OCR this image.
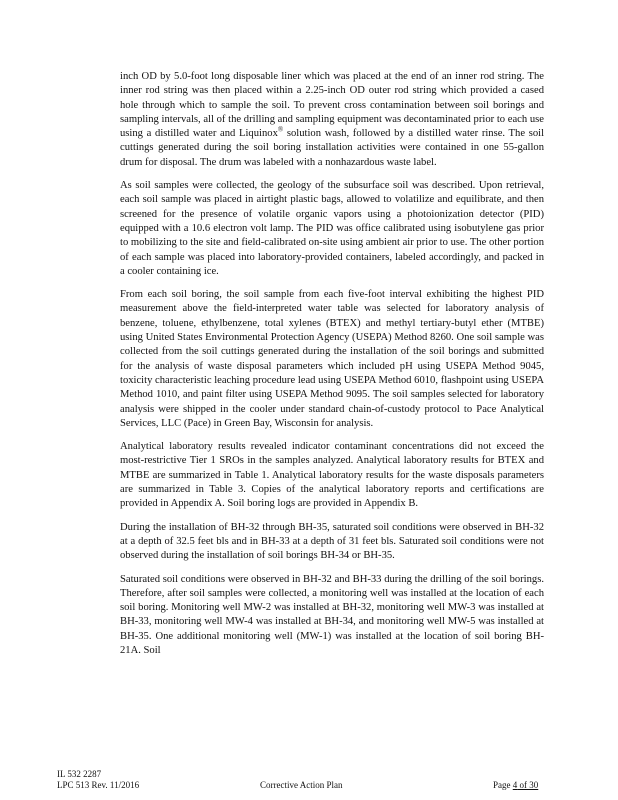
inch OD by 5.0-foot long disposable liner which was placed at the end of an inner rod string. The inner rod string was then placed within a 2.25-inch OD outer rod string which provided a cased hole through which to sample the soil. To prevent cross contamination between soil borings and sampling intervals, all of the drilling and sampling equipment was decontaminated prior to each use using a distilled water and Liquinox® solution wash, followed by a distilled water rinse. The soil cuttings generated during the soil boring installation activities were contained in one 55-gallon drum for disposal. The drum was labeled with a nonhazardous waste label.

As soil samples were collected, the geology of the subsurface soil was described. Upon retrieval, each soil sample was placed in airtight plastic bags, allowed to volatilize and equilibrate, and then screened for the presence of volatile organic vapors using a photoionization detector (PID) equipped with a 10.6 electron volt lamp. The PID was office calibrated using isobutylene gas prior to mobilizing to the site and field-calibrated on-site using ambient air prior to use. The other portion of each sample was placed into laboratory-provided containers, labeled accordingly, and packed in a cooler containing ice.

From each soil boring, the soil sample from each five-foot interval exhibiting the highest PID measurement above the field-interpreted water table was selected for laboratory analysis of benzene, toluene, ethylbenzene, total xylenes (BTEX) and methyl tertiary-butyl ether (MTBE) using United States Environmental Protection Agency (USEPA) Method 8260. One soil sample was collected from the soil cuttings generated during the installation of the soil borings and submitted for the analysis of waste disposal parameters which included pH using USEPA Method 9045, toxicity characteristic leaching procedure lead using USEPA Method 6010, flashpoint using USEPA Method 1010, and paint filter using USEPA Method 9095. The soil samples selected for laboratory analysis were shipped in the cooler under standard chain-of-custody protocol to Pace Analytical Services, LLC (Pace) in Green Bay, Wisconsin for analysis.

Analytical laboratory results revealed indicator contaminant concentrations did not exceed the most-restrictive Tier 1 SROs in the samples analyzed. Analytical laboratory results for BTEX and MTBE are summarized in Table 1. Analytical laboratory results for the waste disposals parameters are summarized in Table 3. Copies of the analytical laboratory reports and certifications are provided in Appendix A. Soil boring logs are provided in Appendix B.

During the installation of BH-32 through BH-35, saturated soil conditions were observed in BH-32 at a depth of 32.5 feet bls and in BH-33 at a depth of 31 feet bls. Saturated soil conditions were not observed during the installation of soil borings BH-34 or BH-35.

Saturated soil conditions were observed in BH-32 and BH-33 during the drilling of the soil borings. Therefore, after soil samples were collected, a monitoring well was installed at the location of each soil boring. Monitoring well MW-2 was installed at BH-32, monitoring well MW-3 was installed at BH-33, monitoring well MW-4 was installed at BH-34, and monitoring well MW-5 was installed at BH-35. One additional monitoring well (MW-1) was installed at the location of soil boring BH-21A. Soil

IL 532 2287
LPC 513 Rev. 11/2016	Corrective Action Plan	Page 4 of 30
